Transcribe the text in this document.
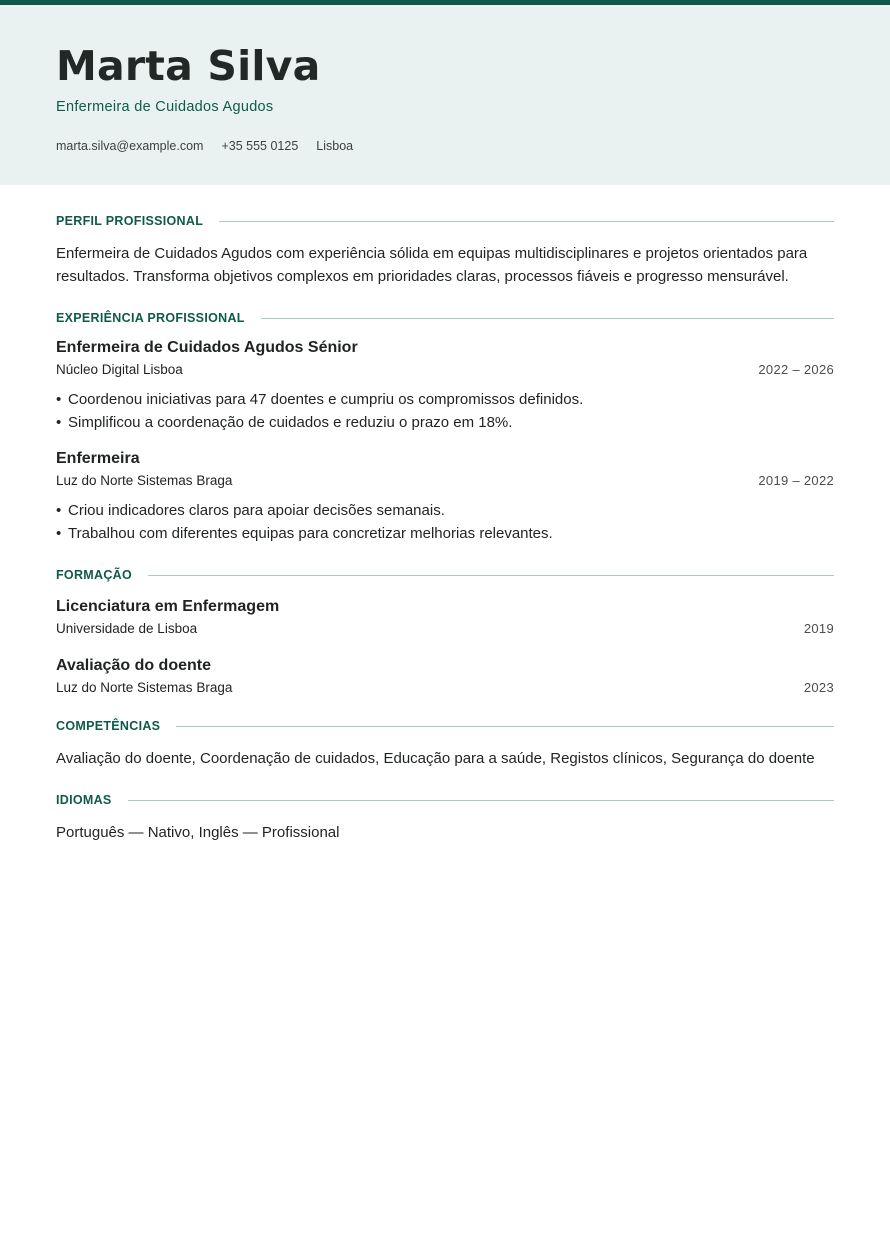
Marta Silva
Enfermeira de Cuidados Agudos
marta.silva@example.com +35 555 0125 Lisboa
PERFIL PROFISSIONAL
Enfermeira de Cuidados Agudos com experiência sólida em equipas multidisciplinares e projetos orientados para resultados. Transforma objetivos complexos em prioridades claras, processos fiáveis e progresso mensurável.
EXPERIÊNCIA PROFISSIONAL
Enfermeira de Cuidados Agudos Sénior
Núcleo Digital Lisboa	2022 – 2026
• Coordenou iniciativas para 47 doentes e cumpriu os compromissos definidos.
• Simplificou a coordenação de cuidados e reduziu o prazo em 18%.
Enfermeira
Luz do Norte Sistemas Braga	2019 – 2022
• Criou indicadores claros para apoiar decisões semanais.
• Trabalhou com diferentes equipas para concretizar melhorias relevantes.
FORMAÇÃO
Licenciatura em Enfermagem
Universidade de Lisboa	2019
Avaliação do doente
Luz do Norte Sistemas Braga	2023
COMPETÊNCIAS
Avaliação do doente, Coordenação de cuidados, Educação para a saúde, Registos clínicos, Segurança do doente
IDIOMAS
Português — Nativo, Inglês — Profissional
